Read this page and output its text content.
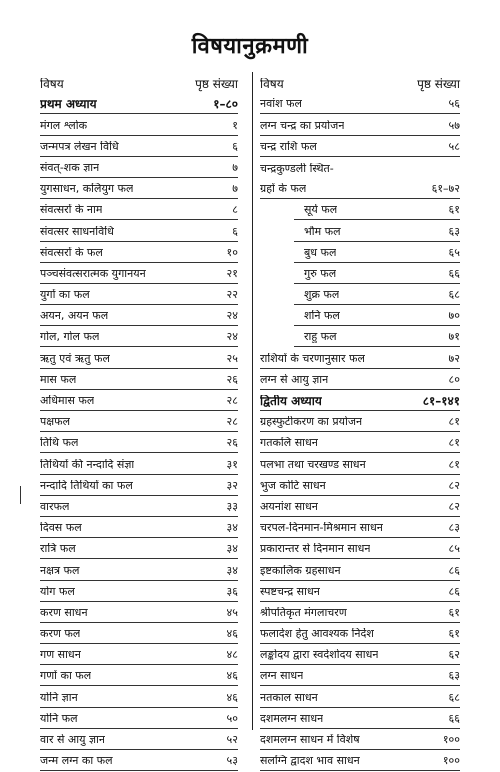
विषयानुक्रमणी
विषय	पृष्ठ संख्या
प्रथम अध्याय	१–८०
मंगल श्लोक	१
जन्मपत्र लेखन विधि	६
संवत्-शक ज्ञान	७
युगसाधन, कलियुग फल	७
संवत्सरों के नाम	८
संवत्सर साधनविधि	६
संवत्सरों के फल	१०
पञ्चसंवत्सरात्मक युगानयन	२१
युगों का फल	२२
अयन, अयन फल	२४
गोल, गोल फल	२४
ऋतु एवं ऋतु फल	२५
मास फल	२६
अधिमास फल	२८
पक्षफल	२८
तिथि फल	२६
तिथियों की नन्दादि संज्ञा	३१
नन्दादि तिथियों का फल	३२
वारफल	३३
दिवस फल	३४
रात्रि फल	३४
नक्षत्र फल	३४
योग फल	३६
करण साधन	४५
करण फल	४६
गण साधन	४८
गणों का फल	४६
योनि ज्ञान	४६
योनि फल	५०
वार से आयु ज्ञान	५२
जन्म लग्न का फल	५३
विषय	पृष्ठ संख्या
नवांश फल	५६
लग्न चन्द्र का प्रयोजन	५७
चन्द्र राशि फल	५८
चन्द्रकुण्डली स्थित-
ग्रहों के फल	६१–७२
सूर्य फल	६१
भौम फल	६३
बुध फल	६५
गुरु फल	६६
शुक्र फल	६८
शनि फल	७०
राहु फल	७१
राशियों के चरणानुसार फल	७२
लग्न से आयु ज्ञान	८०
द्वितीय अध्याय	८१–१४१
ग्रहस्फुटीकरण का प्रयोजन	८१
गतकलि साधन	८१
पलभा तथा चरखण्ड साधन	८१
भुज कोटि साधन	८२
अयनांश साधन	८२
चरपल-दिनमान-मिश्रमान साधन	८३
प्रकारान्तर से दिनमान साधन	८५
इष्टकालिक ग्रहसाधन	८६
स्पष्टचन्द्र साधन	८६
श्रीपतिकृत मंगलाचरण	६१
फलादेश हेतु आवश्यक निर्देश	६१
लङ्कोदय द्वारा स्वदेशोदय साधन	६२
लग्न साधन	६३
नतकाल साधन	६८
दशमलग्न साधन	६६
दशमलग्न साधन में विशेष	१००
सलग्नि द्वादश भाव साधन	१००
